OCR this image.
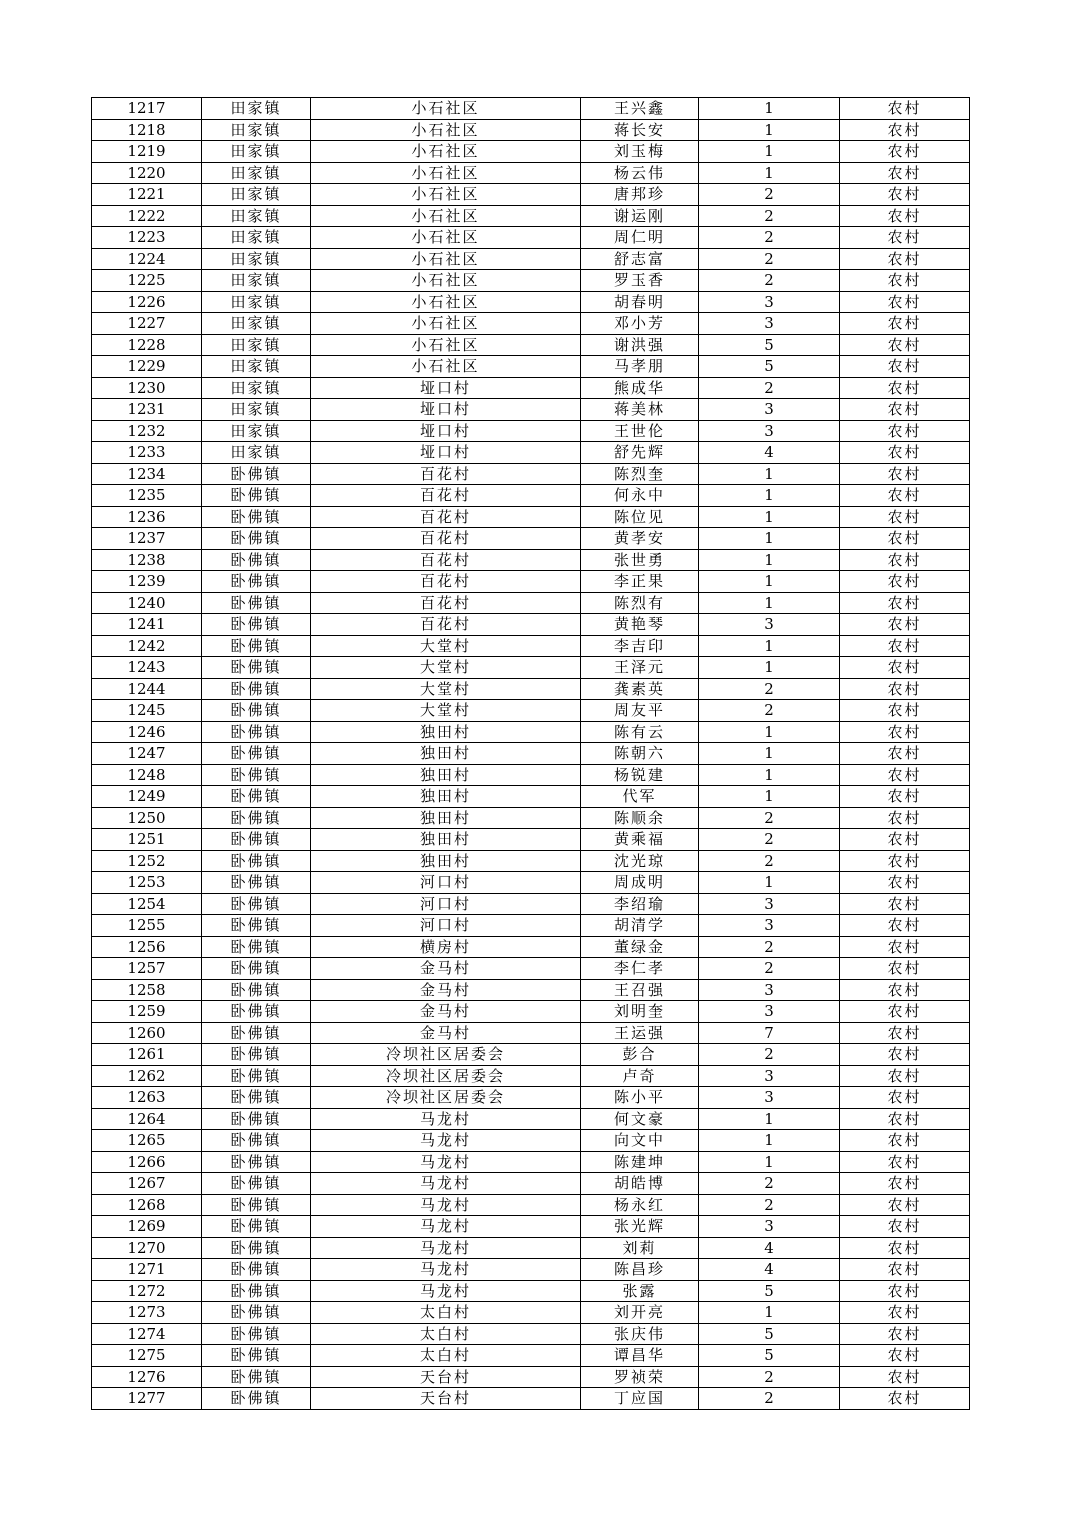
1217	田家镇	小石社区	王兴鑫	1	农村
1218	田家镇	小石社区	蒋长安	1	农村
1219	田家镇	小石社区	刘玉梅	1	农村
1220	田家镇	小石社区	杨云伟	1	农村
1221	田家镇	小石社区	唐邦珍	2	农村
1222	田家镇	小石社区	谢运刚	2	农村
1223	田家镇	小石社区	周仁明	2	农村
1224	田家镇	小石社区	舒志富	2	农村
1225	田家镇	小石社区	罗玉香	2	农村
1226	田家镇	小石社区	胡春明	3	农村
1227	田家镇	小石社区	邓小芳	3	农村
1228	田家镇	小石社区	谢洪强	5	农村
1229	田家镇	小石社区	马孝朋	5	农村
1230	田家镇	垭口村	熊成华	2	农村
1231	田家镇	垭口村	蒋美林	3	农村
1232	田家镇	垭口村	王世伦	3	农村
1233	田家镇	垭口村	舒先辉	4	农村
1234	卧佛镇	百花村	陈烈奎	1	农村
1235	卧佛镇	百花村	何永中	1	农村
1236	卧佛镇	百花村	陈位见	1	农村
1237	卧佛镇	百花村	黄孝安	1	农村
1238	卧佛镇	百花村	张世勇	1	农村
1239	卧佛镇	百花村	李正果	1	农村
1240	卧佛镇	百花村	陈烈有	1	农村
1241	卧佛镇	百花村	黄艳琴	3	农村
1242	卧佛镇	大堂村	李吉印	1	农村
1243	卧佛镇	大堂村	王泽元	1	农村
1244	卧佛镇	大堂村	龚素英	2	农村
1245	卧佛镇	大堂村	周友平	2	农村
1246	卧佛镇	独田村	陈有云	1	农村
1247	卧佛镇	独田村	陈朝六	1	农村
1248	卧佛镇	独田村	杨锐建	1	农村
1249	卧佛镇	独田村	代军	1	农村
1250	卧佛镇	独田村	陈顺余	2	农村
1251	卧佛镇	独田村	黄乘福	2	农村
1252	卧佛镇	独田村	沈光琼	2	农村
1253	卧佛镇	河口村	周成明	1	农村
1254	卧佛镇	河口村	李绍瑜	3	农村
1255	卧佛镇	河口村	胡清学	3	农村
1256	卧佛镇	横房村	董绿金	2	农村
1257	卧佛镇	金马村	李仁孝	2	农村
1258	卧佛镇	金马村	王召强	3	农村
1259	卧佛镇	金马村	刘明奎	3	农村
1260	卧佛镇	金马村	王运强	7	农村
1261	卧佛镇	冷坝社区居委会	彭合	2	农村
1262	卧佛镇	冷坝社区居委会	卢奇	3	农村
1263	卧佛镇	冷坝社区居委会	陈小平	3	农村
1264	卧佛镇	马龙村	何文豪	1	农村
1265	卧佛镇	马龙村	向文中	1	农村
1266	卧佛镇	马龙村	陈建坤	1	农村
1267	卧佛镇	马龙村	胡皓博	2	农村
1268	卧佛镇	马龙村	杨永红	2	农村
1269	卧佛镇	马龙村	张光辉	3	农村
1270	卧佛镇	马龙村	刘莉	4	农村
1271	卧佛镇	马龙村	陈昌珍	4	农村
1272	卧佛镇	马龙村	张露	5	农村
1273	卧佛镇	太白村	刘开亮	1	农村
1274	卧佛镇	太白村	张庆伟	5	农村
1275	卧佛镇	太白村	谭昌华	5	农村
1276	卧佛镇	天台村	罗祯荣	2	农村
1277	卧佛镇	天台村	丁应国	2	农村
